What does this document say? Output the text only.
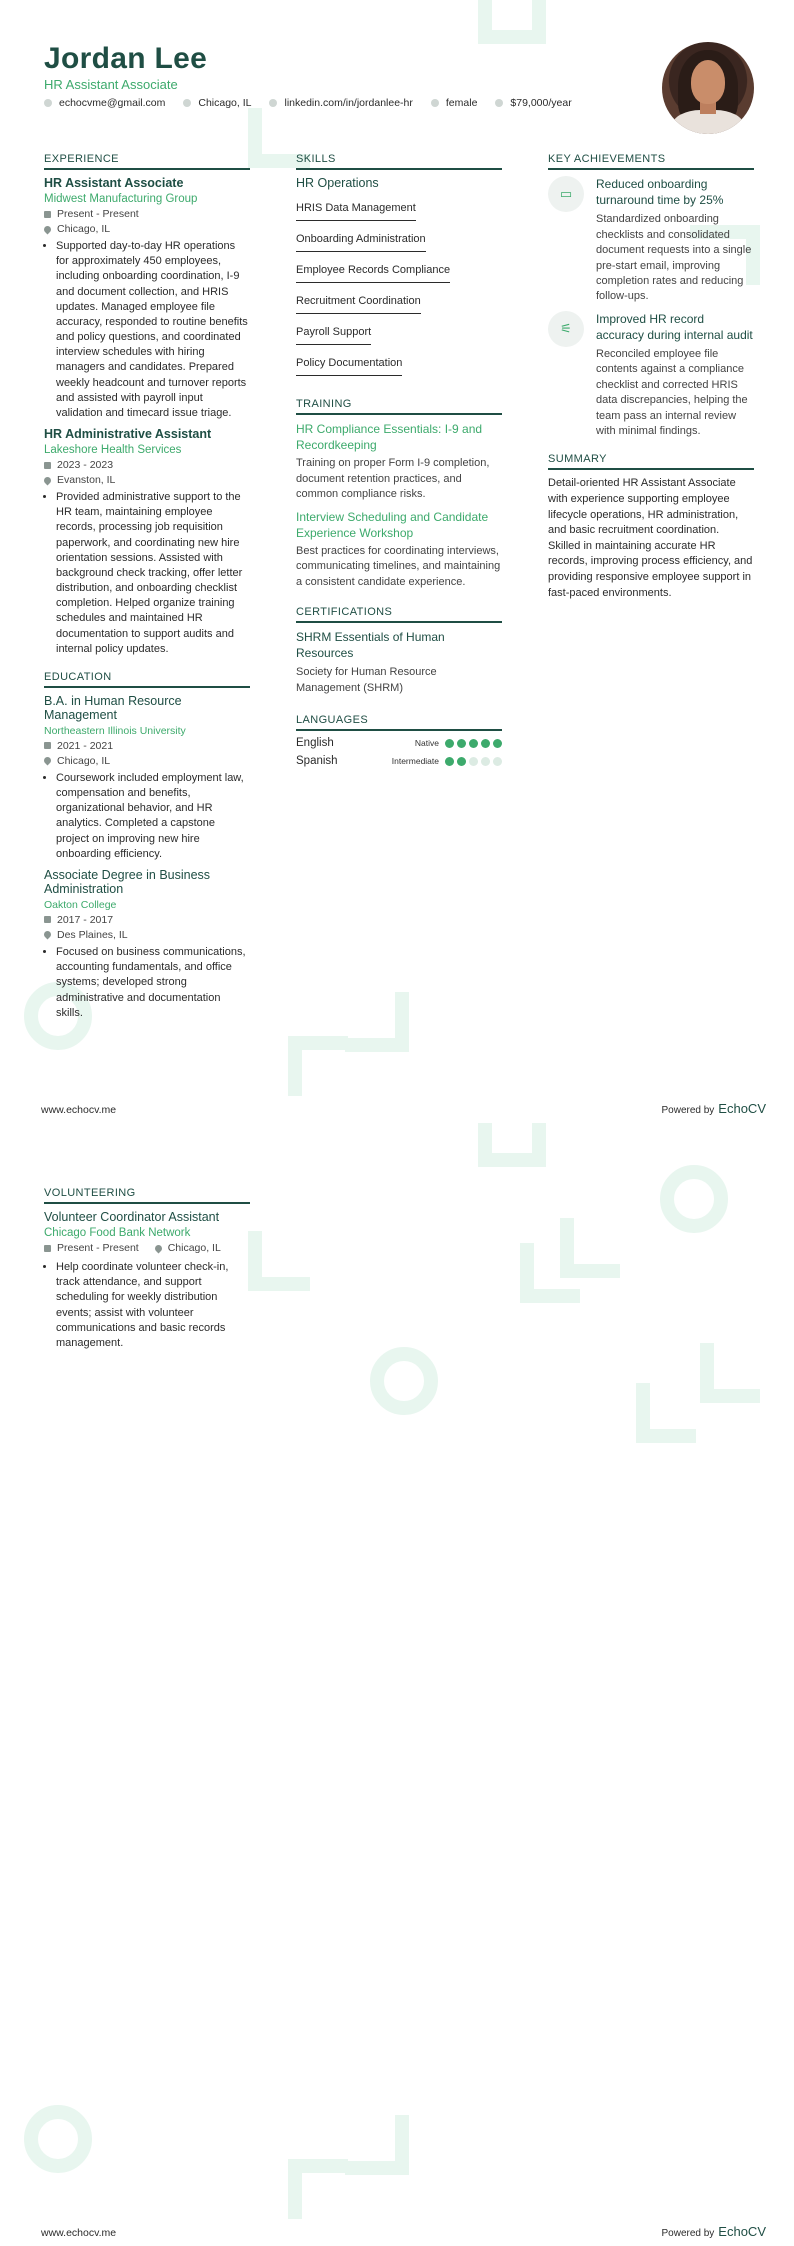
Jordan Lee
HR Assistant Associate
echocvme@gmail.com	Chicago, IL	linkedin.com/in/jordanlee-hr	female	$79,000/year
EXPERIENCE
HR Assistant Associate
Midwest Manufacturing Group
Present - Present
Chicago, IL
• Supported day-to-day HR operations for approximately 450 employees, including onboarding coordination, I-9 and document collection, and HRIS updates. Managed employee file accuracy, responded to routine benefits and policy questions, and coordinated interview schedules with hiring managers and candidates. Prepared weekly headcount and turnover reports and assisted with payroll input validation and timecard issue triage.
HR Administrative Assistant
Lakeshore Health Services
2023 - 2023
Evanston, IL
• Provided administrative support to the HR team, maintaining employee records, processing job requisition paperwork, and coordinating new hire orientation sessions. Assisted with background check tracking, offer letter distribution, and onboarding checklist completion. Helped organize training schedules and maintained HR documentation to support audits and internal policy updates.
EDUCATION
B.A. in Human Resource Management
Northeastern Illinois University
2021 - 2021
Chicago, IL
• Coursework included employment law, compensation and benefits, organizational behavior, and HR analytics. Completed a capstone project on improving new hire onboarding efficiency.
Associate Degree in Business Administration
Oakton College
2017 - 2017
Des Plaines, IL
• Focused on business communications, accounting fundamentals, and office systems; developed strong administrative and documentation skills.
SKILLS
HR Operations
HRIS Data Management
Onboarding Administration
Employee Records Compliance
Recruitment Coordination
Payroll Support
Policy Documentation
TRAINING
HR Compliance Essentials: I-9 and Recordkeeping
Training on proper Form I-9 completion, document retention practices, and common compliance risks.
Interview Scheduling and Candidate Experience Workshop
Best practices for coordinating interviews, communicating timelines, and maintaining a consistent candidate experience.
CERTIFICATIONS
SHRM Essentials of Human Resources
Society for Human Resource Management (SHRM)
LANGUAGES
English	Native
Spanish	Intermediate
KEY ACHIEVEMENTS
▭
Reduced onboarding turnaround time by 25%
Standardized onboarding checklists and consolidated document requests into a single pre-start email, improving completion rates and reducing follow-ups.
⚟
Improved HR record accuracy during internal audit
Reconciled employee file contents against a compliance checklist and corrected HRIS data discrepancies, helping the team pass an internal review with minimal findings.
SUMMARY
Detail-oriented HR Assistant Associate with experience supporting employee lifecycle operations, HR administration, and basic recruitment coordination. Skilled in maintaining accurate HR records, improving process efficiency, and providing responsive employee support in fast-paced environments.
www.echocv.me	Powered by EchoCV
VOLUNTEERING
Volunteer Coordinator Assistant
Chicago Food Bank Network
Present - Present	Chicago, IL
• Help coordinate volunteer check-in, track attendance, and support scheduling for weekly distribution events; assist with volunteer communications and basic records management.
www.echocv.me	Powered by EchoCV
